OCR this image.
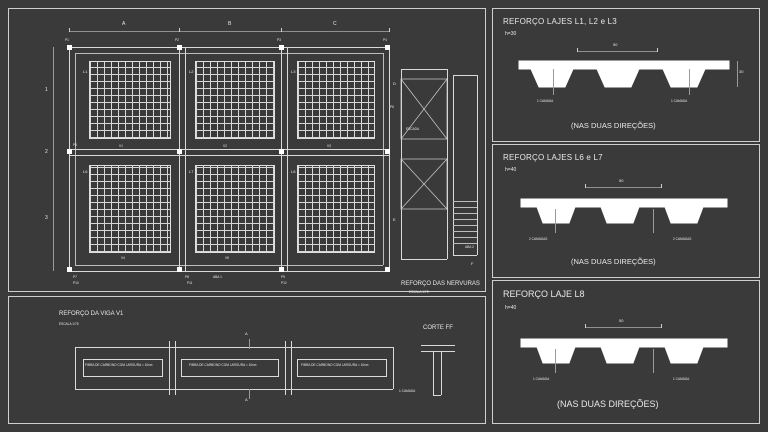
A	B	C
1
2
3
P1	P2	P3	P4
P5
P6
P7	P8	P9
L1	L2	L3
L6	L7	L8
V1	V2	V3
V4	V5
P10	P11	P12
ABA 1
ABA 2
D
E
F
ESCADA
REFORÇO DAS NERVURAS
ESCALA 1/75
REFORÇO DA VIGA V1
ESCALA 1/75
FIBRA DE CARBONO COM LARGURA = 10cm	FIBRA DE CARBONO COM LARGURA = 10cm	FIBRA DE CARBONO COM LARGURA = 10cm
A
A
CORTE FF
1 CAMADA
REFORÇO LAJES L1, L2 e L3
h=30
50
30
1 CAMADA	1 CAMADA
(NAS DUAS DIREÇÕES)
REFORÇO LAJES L6 e L7
h=40
50
2 CAMADAS	2 CAMADAS
(NAS DUAS DIREÇÕES)
REFORÇO LAJE L8
h=40
50
1 CAMADA	1 CAMADA
(NAS DUAS DIREÇÕES)
